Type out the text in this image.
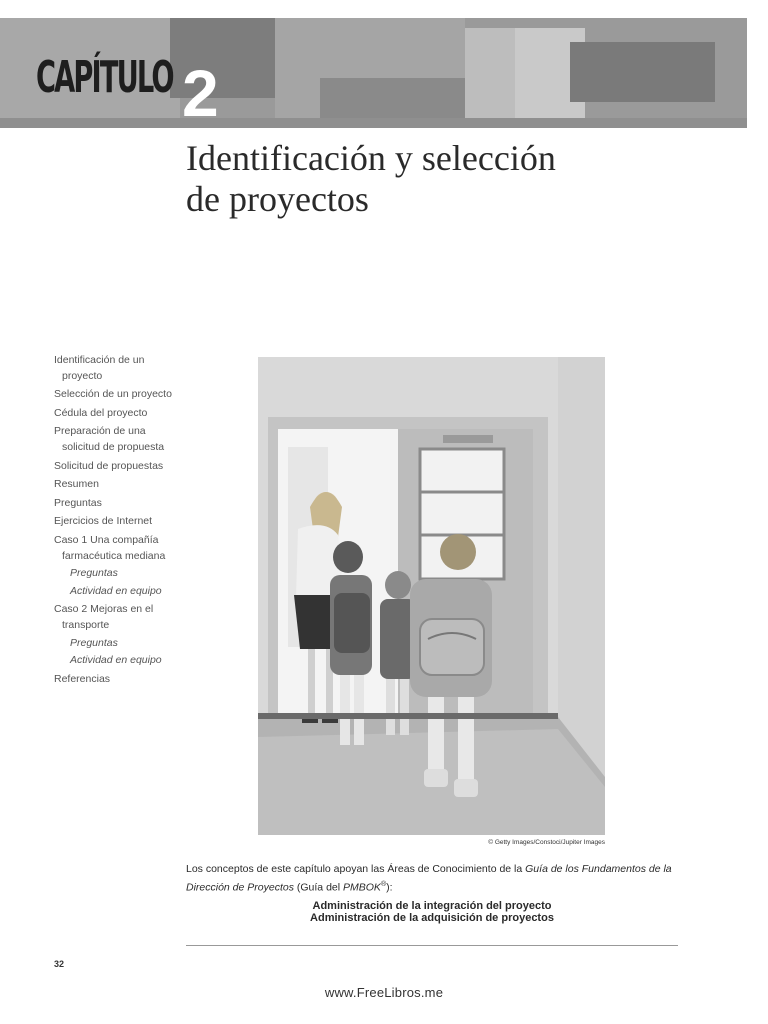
CAPÍTULO 2
Identificación y selección
de proyectos
Identificación de un proyecto
Selección de un proyecto
Cédula del proyecto
Preparación de una solicitud de propuesta
Solicitud de propuestas
Resumen
Preguntas
Ejercicios de Internet
Caso 1 Una compañía farmacéutica mediana
Preguntas
Actividad en equipo
Caso 2 Mejoras en el transporte
Preguntas
Actividad en equipo
Referencias
© Getty Images/Constoci/Jupiter Images

Los conceptos de este capítulo apoyan las Áreas de Conocimiento de la Guía de los Fundamentos de la Dirección de Proyectos (Guía del PMBOK®):

Administración de la integración del proyecto
Administración de la adquisición de proyectos

32
www.FreeLibros.me
